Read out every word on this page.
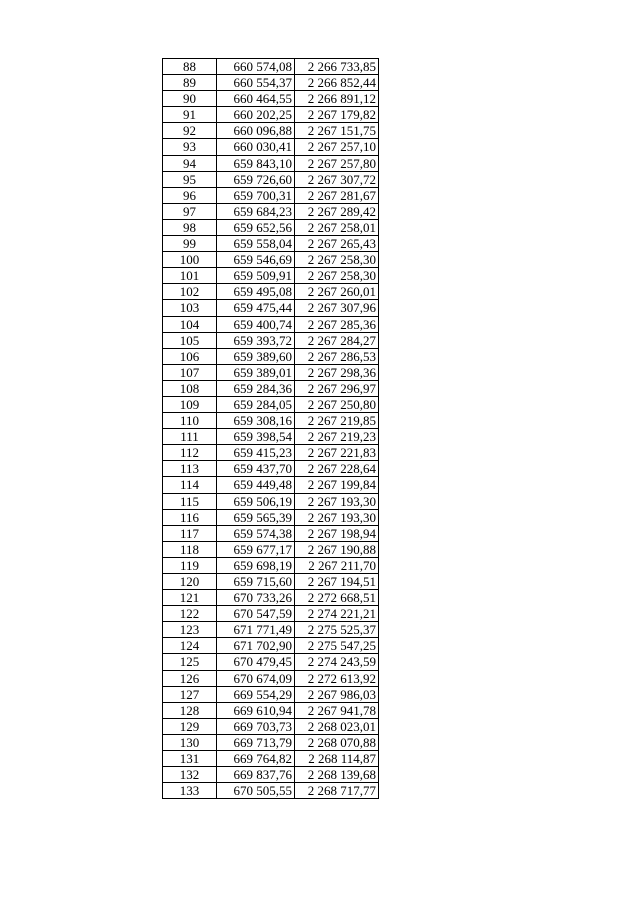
88	660 574,08	2 266 733,85
89	660 554,37	2 266 852,44
90	660 464,55	2 266 891,12
91	660 202,25	2 267 179,82
92	660 096,88	2 267 151,75
93	660 030,41	2 267 257,10
94	659 843,10	2 267 257,80
95	659 726,60	2 267 307,72
96	659 700,31	2 267 281,67
97	659 684,23	2 267 289,42
98	659 652,56	2 267 258,01
99	659 558,04	2 267 265,43
100	659 546,69	2 267 258,30
101	659 509,91	2 267 258,30
102	659 495,08	2 267 260,01
103	659 475,44	2 267 307,96
104	659 400,74	2 267 285,36
105	659 393,72	2 267 284,27
106	659 389,60	2 267 286,53
107	659 389,01	2 267 298,36
108	659 284,36	2 267 296,97
109	659 284,05	2 267 250,80
110	659 308,16	2 267 219,85
111	659 398,54	2 267 219,23
112	659 415,23	2 267 221,83
113	659 437,70	2 267 228,64
114	659 449,48	2 267 199,84
115	659 506,19	2 267 193,30
116	659 565,39	2 267 193,30
117	659 574,38	2 267 198,94
118	659 677,17	2 267 190,88
119	659 698,19	2 267 211,70
120	659 715,60	2 267 194,51
121	670 733,26	2 272 668,51
122	670 547,59	2 274 221,21
123	671 771,49	2 275 525,37
124	671 702,90	2 275 547,25
125	670 479,45	2 274 243,59
126	670 674,09	2 272 613,92
127	669 554,29	2 267 986,03
128	669 610,94	2 267 941,78
129	669 703,73	2 268 023,01
130	669 713,79	2 268 070,88
131	669 764,82	2 268 114,87
132	669 837,76	2 268 139,68
133	670 505,55	2 268 717,77
